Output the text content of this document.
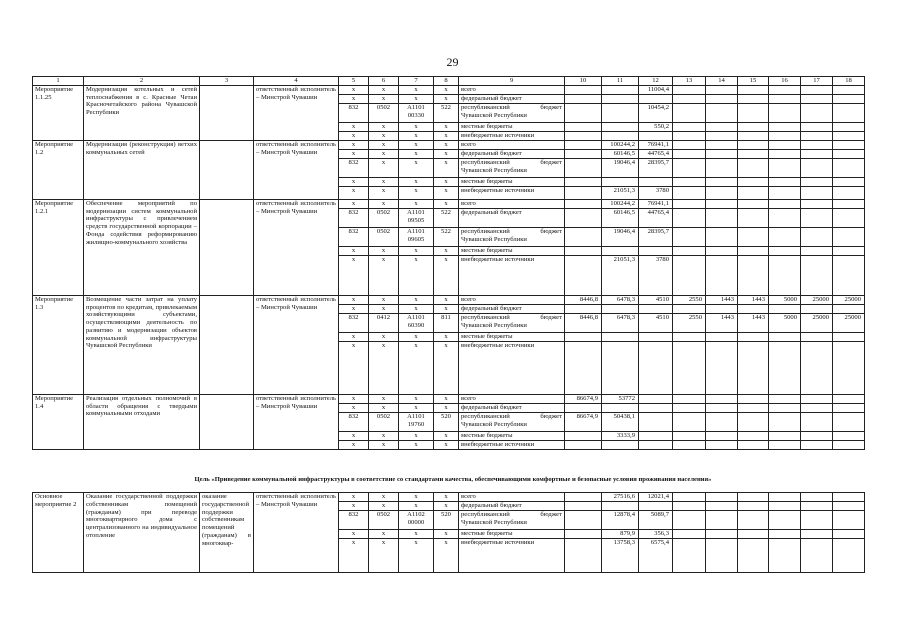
29
1	2	3	4	5	6	7	8	9	10	11	12	13	14	15	16	17	18
Мероприятие 1.1.25	Модернизация котельных и сетей теплоснабжения в с. Красные Четаи Красночетайского района Чувашской Республики		ответственный исполнитель – Минстрой Чувашии	x	x	x	x	всего			11004,4						
				x	x	x	x	федеральный бюджет									
				832	0502	А1101 00330	522	республиканский бюджет Чувашской Республики			10454,2						
				x	x	x	x	местные бюджеты			550,2						
				x	x	x	x	внебюджетные источники									
Мероприятие 1.2	Модернизация (реконструкция) ветхих коммунальных сетей		ответственный исполнитель – Минстрой Чувашии	x	x	x	x	всего		100244,2	76941,1						
				x	x	x	x	федеральный бюджет		60146,5	44765,4						
				832	x	x	x	республиканский бюджет Чувашской Республики		19046,4	28395,7						
				x	x	x	x	местные бюджеты									
				x	x	x	x	внебюджетные источники		21051,3	3780						
Мероприятие 1.2.1	Обеспечение мероприятий по модернизации систем коммунальной инфраструктуры с привлечением средств государственной корпорации – Фонда содействия реформированию жилищно-коммунального хозяйства		ответственный исполнитель – Минстрой Чувашии	x	x	x	x	всего		100244,2	76941,1						
				832	0502	А1101 09505	522	федеральный бюджет		60146,5	44765,4						
				832	0502	А1101 09605	522	республиканский бюджет Чувашской Республики		19046,4	28395,7						
				x	x	x	x	местные бюджеты									
				x	x	x	x	внебюджетные источники		21051,3	3780						
Мероприятие 1.3	Возмещение части затрат на уплату процентов по кредитам, привлекаемым хозяйствующими субъектами, осуществляющими деятельность по развитию и модернизации объектов коммунальной инфраструктуры Чувашской Республики		ответственный исполнитель – Минстрой Чувашии	x	x	x	x	всего	8446,8	6478,3	4510	2550	1443	1443	5000	25000	25000
				x	x	x	x	федеральный бюджет									
				832	0412	А1101 60390	811	республиканский бюджет Чувашской Республики	8446,8	6478,3	4510	2550	1443	1443	5000	25000	25000
				x	x	x	x	местные бюджеты									
				x	x	x	x	внебюджетные источники									
Мероприятие 1.4	Реализация отдельных полномочий в области обращения с твердыми коммунальными отходами		ответственный исполнитель – Минстрой Чувашии	x	x	x	x	всего	86674,9	53772							
				x	x	x	x	федеральный бюджет									
				832	0502	А1101 19760	520	республиканский бюджет Чувашской Республики	86674,9	50438,1							
				x	x	x	x	местные бюджеты		3333,9							
				x	x	x	x	внебюджетные источники									
Цель «Приведение коммунальной инфраструктуры в соответствие со стандартами качества, обеспечивающими комфортные и безопасные условия проживания населения»
Основное мероприятие 2	Оказание государственной поддержки собственникам помещений (гражданам) при переводе многоквартирного дома с централизованного на индивидуальное отопление	оказание государственной поддержки собственникам помещений (гражданам) в многоквар-	ответственный исполнитель – Минстрой Чувашии	x	x	x	x	всего		27516,6	12021,4						
				x	x	x	x	федеральный бюджет									
				832	0502	А1102 00000	520	республиканский бюджет Чувашской Республики		12878,4	5089,7						
				x	x	x	x	местные бюджеты		879,9	356,3						
				x	x	x	x	внебюджетные источники		13758,3	6575,4						
